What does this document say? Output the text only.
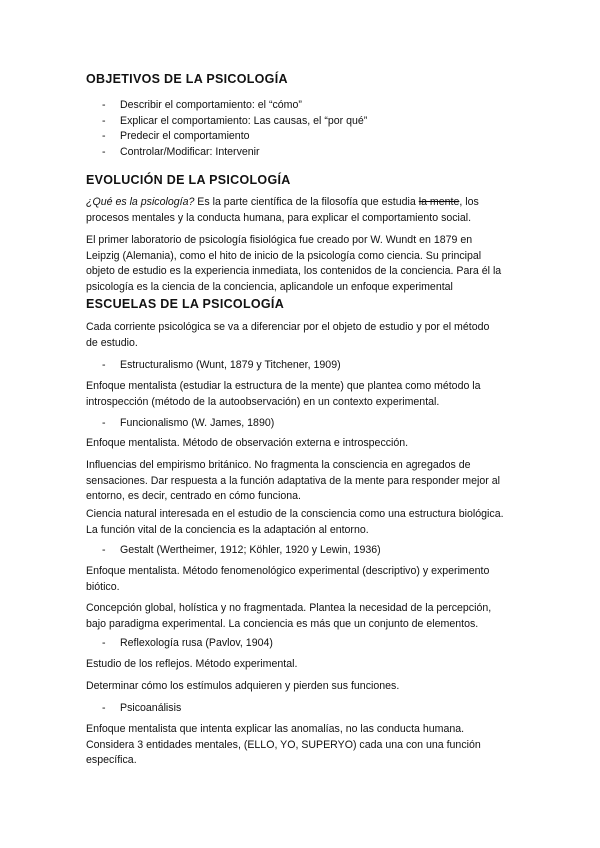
OBJETIVOS DE LA PSICOLOGÍA
- Describir el comportamiento: el “cómo”
- Explicar el comportamiento: Las causas, el “por qué”
- Predecir el comportamiento
- Controlar/Modificar: Intervenir
EVOLUCIÓN DE LA PSICOLOGÍA
¿Qué es la psicología? Es la parte científica de la filosofía que estudia la mente, los procesos mentales y la conducta humana, para explicar el comportamiento social.
El primer laboratorio de psicología fisiológica fue creado por W. Wundt en 1879 en Leipzig (Alemania), como el hito de inicio de la psicología como ciencia. Su principal objeto de estudio es la experiencia inmediata, los contenidos de la conciencia. Para él la psicología es la ciencia de la conciencia, aplicandole un enfoque experimental
ESCUELAS DE LA PSICOLOGÍA
Cada corriente psicológica se va a diferenciar por el objeto de estudio y por el método de estudio.
- Estructuralismo (Wunt, 1879 y Titchener, 1909)
Enfoque mentalista (estudiar la estructura de la mente) que plantea como método la introspección (método de la autoobservación) en un contexto experimental.
- Funcionalismo (W. James, 1890)
Enfoque mentalista. Método de observación externa e introspección.
Influencias del empirismo británico. No fragmenta la consciencia en agregados de sensaciones. Dar respuesta a la función adaptativa de la mente para responder mejor al entorno, es decir, centrado en cómo funciona.
Ciencia natural interesada en el estudio de la consciencia como una estructura biológica. La función vital de la conciencia es la adaptación al entorno.
- Gestalt (Wertheimer, 1912; Köhler, 1920 y Lewin, 1936)
Enfoque mentalista. Método fenomenológico experimental (descriptivo) y experimento biótico.
Concepción global, holística y no fragmentada. Plantea la necesidad de la percepción, bajo paradigma experimental. La conciencia es más que un conjunto de elementos.
- Reflexología rusa (Pavlov, 1904)
Estudio de los reflejos. Método experimental.
Determinar cómo los estímulos adquieren y pierden sus funciones.
- Psicoanálisis
Enfoque mentalista que intenta explicar las anomalías, no las conducta humana. Considera 3 entidades mentales, (ELLO, YO, SUPERYO) cada una con una función específica.
